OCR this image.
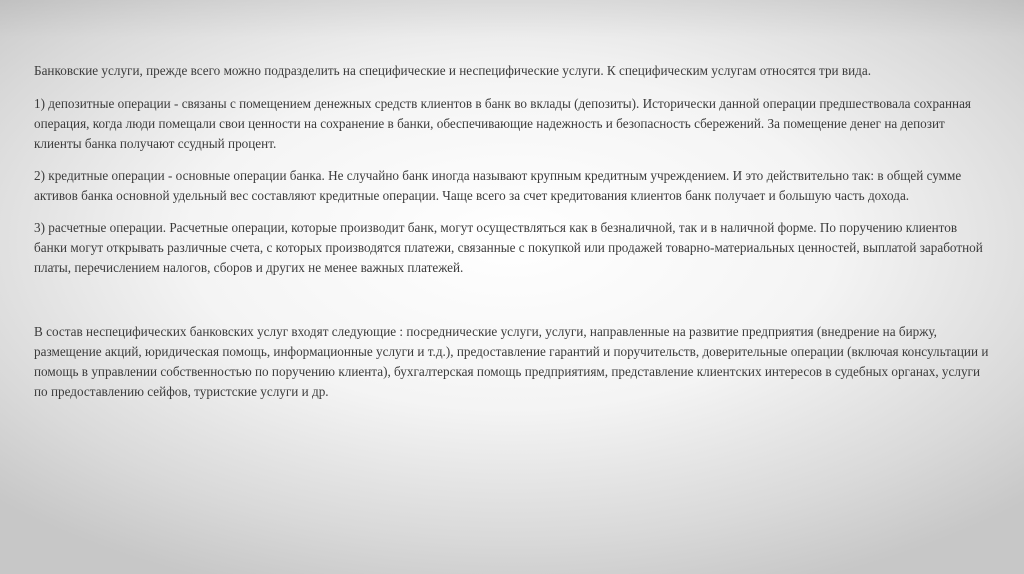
Банковские услуги, прежде всего можно подразделить на специфические и неспецифические услуги. К специфическим услугам относятся три вида.

1) депозитные операции - связаны с помещением денежных средств клиентов в банк во вклады (депозиты). Исторически данной операции предшествовала сохранная операция, когда люди помещали свои ценности на сохранение в банки, обеспечивающие надежность и безопасность сбережений. За помещение денег на депозит клиенты банка получают ссудный процент.

2) кредитные операции - основные операции банка. Не случайно банк иногда называют крупным кредитным учреждением. И это действительно так: в общей сумме активов банка основной удельный вес составляют кредитные операции. Чаще всего за счет кредитования клиентов банк получает и большую часть дохода.

3) расчетные операции. Расчетные операции, которые производит банк, могут осуществляться как в безналичной, так и в наличной форме. По поручению клиентов банки могут открывать различные счета, с которых производятся платежи, связанные с покупкой или продажей товарно-материальных ценностей, выплатой заработной платы, перечислением налогов, сборов и других не менее важных платежей.

В состав неспецифических банковских услуг входят следующие : посреднические услуги, услуги, направленные на развитие предприятия (внедрение на биржу, размещение акций, юридическая помощь, информационные услуги и т.д.), предоставление гарантий и поручительств, доверительные операции (включая консультации и помощь в управлении собственностью по поручению клиента), бухгалтерская помощь предприятиям, представление клиентских интересов в судебных органах, услуги по предоставлению сейфов, туристские услуги и др.
